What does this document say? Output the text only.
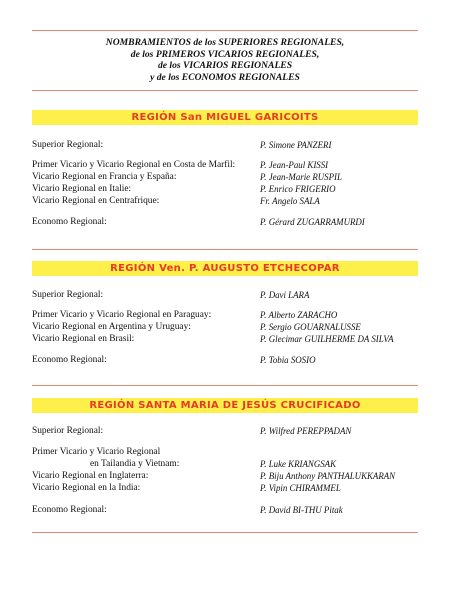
NOMBRAMIENTOS de los SUPERIORES REGIONALES,
de los PRIMEROS VICARIOS REGIONALES,
de los VICARIOS REGIONALES
y de los ECONOMOS REGIONALES
REGIÓN San MIGUEL GARICOITS
Superior Regional:	P. Simone PANZERI
Primer Vicario y Vicario Regional en Costa de Marfil:	P. Jean-Paul KISSI
Vicario Regional en Francia y España:	P. Jean-Marie RUSPIL
Vicario Regional en Italie:	P. Enrico FRIGERIO
Vicario Regional en Centrafrique:	Fr. Angelo SALA
Economo Regional:	P. Gérard ZUGARRAMURDI
REGIÓN Ven. P. AUGUSTO ETCHECOPAR
Superior Regional:	P. Davi LARA
Primer Vicario y Vicario Regional en Paraguay:	P. Alberto ZARACHO
Vicario Regional en Argentina y Uruguay:	P. Sergio GOUARNALUSSE
Vicario Regional en Brasil:	P. Glecimar GUILHERME DA SILVA
Economo Regional:	P. Tobia SOSIO
REGIÓN SANTA MARIA DE JESÚS CRUCIFICADO
Superior Regional:	P. Wilfred PEREPPADAN
Primer Vicario y Vicario Regional
en Tailandia y Vietnam:	P. Luke KRIANGSAK
Vicario Regional en Inglaterra:	P. Biju Anthony PANTHALUKKARAN
Vicario Regional en la India:	P. Vipin CHIRAMMEL
Economo Regional:	P. David BI-THU Pitak
